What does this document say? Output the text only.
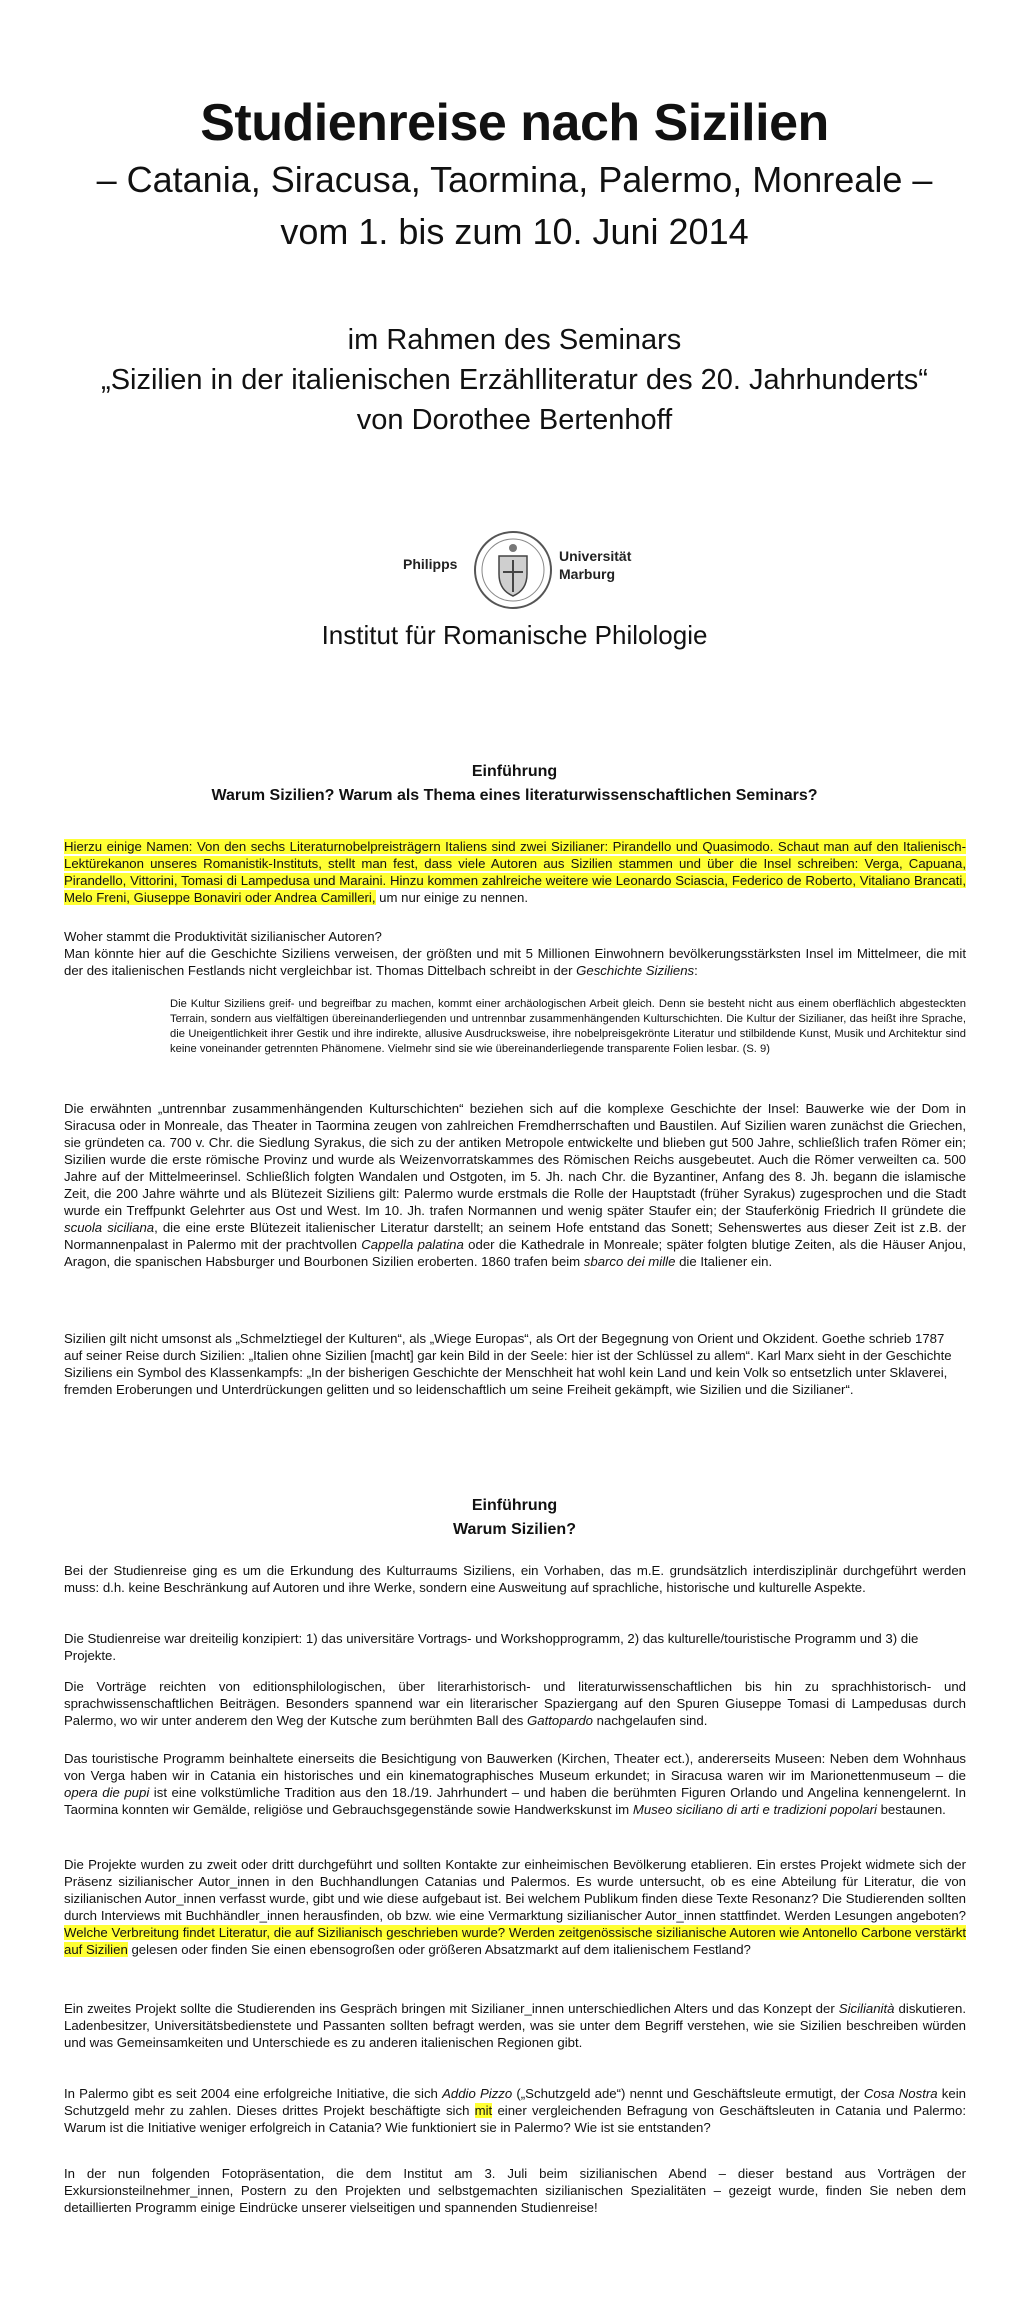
Studienreise nach Sizilien
– Catania, Siracusa, Taormina, Palermo, Monreale –
vom 1. bis zum 10. Juni 2014
im Rahmen des Seminars
„Sizilien in der italienischen Erzählliteratur des 20. Jahrhunderts“
von Dorothee Bertenhoff
Philipps	Universität
Marburg
Institut für Romanische Philologie
Einführung
Warum Sizilien? Warum als Thema eines literaturwissenschaftlichen Seminars?

Hierzu einige Namen: Von den sechs Literaturnobelpreisträgern Italiens sind zwei Sizilianer: Pirandello und Quasimodo. Schaut man auf den Italienisch-Lektürekanon unseres Romanistik-Instituts, stellt man fest, dass viele Autoren aus Sizilien stammen und über die Insel schreiben: Verga, Capuana, Pirandello, Vittorini, Tomasi di Lampedusa und Maraini. Hinzu kommen zahlreiche weitere wie Leonardo Sciascia, Federico de Roberto, Vitaliano Brancati, Melo Freni, Giuseppe Bonaviri oder Andrea Camilleri, um nur einige zu nennen.

Woher stammt die Produktivität sizilianischer Autoren?

Man könnte hier auf die Geschichte Siziliens verweisen, der größten und mit 5 Millionen Einwohnern bevölkerungsstärksten Insel im Mittelmeer, die mit der des italienischen Festlands nicht vergleichbar ist. Thomas Dittelbach schreibt in der Geschichte Siziliens:

Die Kultur Siziliens greif- und begreifbar zu machen, kommt einer archäologischen Arbeit gleich. Denn sie besteht nicht aus einem oberflächlich abgesteckten Terrain, sondern aus vielfältigen übereinanderliegenden und untrennbar zusammenhängenden Kulturschichten. Die Kultur der Sizilianer, das heißt ihre Sprache, die Uneigentlichkeit ihrer Gestik und ihre indirekte, allusive Ausdrucksweise, ihre nobelpreisgekrönte Literatur und stilbildende Kunst, Musik und Architektur sind keine voneinander getrennten Phänomene. Vielmehr sind sie wie übereinanderliegende transparente Folien lesbar. (S. 9)

Die erwähnten „untrennbar zusammenhängenden Kulturschichten“ beziehen sich auf die komplexe Geschichte der Insel: Bauwerke wie der Dom in Siracusa oder in Monreale, das Theater in Taormina zeugen von zahlreichen Fremdherrschaften und Baustilen. Auf Sizilien waren zunächst die Griechen, sie gründeten ca. 700 v. Chr. die Siedlung Syrakus, die sich zu der antiken Metropole entwickelte und blieben gut 500 Jahre, schließlich trafen Römer ein; Sizilien wurde die erste römische Provinz und wurde als Weizenvorratskammes des Römischen Reichs ausgebeutet. Auch die Römer verweilten ca. 500 Jahre auf der Mittelmeerinsel. Schließlich folgten Wandalen und Ostgoten, im 5. Jh. nach Chr. die Byzantiner, Anfang des 8. Jh. begann die islamische Zeit, die 200 Jahre währte und als Blütezeit Siziliens gilt: Palermo wurde erstmals die Rolle der Hauptstadt (früher Syrakus) zugesprochen und die Stadt wurde ein Treffpunkt Gelehrter aus Ost und West. Im 10. Jh. trafen Normannen und wenig später Staufer ein; der Stauferkönig Friedrich II gründete die scuola siciliana, die eine erste Blütezeit italienischer Literatur darstellt; an seinem Hofe entstand das Sonett; Sehenswertes aus dieser Zeit ist z.B. der Normannenpalast in Palermo mit der prachtvollen Cappella palatina oder die Kathedrale in Monreale; später folgten blutige Zeiten, als die Häuser Anjou, Aragon, die spanischen Habsburger und Bourbonen Sizilien eroberten. 1860 trafen beim sbarco dei mille die Italiener ein.

Sizilien gilt nicht umsonst als „Schmelztiegel der Kulturen“, als „Wiege Europas“, als Ort der Begegnung von Orient und Okzident. Goethe schrieb 1787 auf seiner Reise durch Sizilien: „Italien ohne Sizilien [macht] gar kein Bild in der Seele: hier ist der Schlüssel zu allem“. Karl Marx sieht in der Geschichte Siziliens ein Symbol des Klassenkampfs: „In der bisherigen Geschichte der Menschheit hat wohl kein Land und kein Volk so entsetzlich unter Sklaverei, fremden Eroberungen und Unterdrückungen gelitten und so leidenschaftlich um seine Freiheit gekämpft, wie Sizilien und die Sizilianer“.

Einführung
Warum Sizilien?

Bei der Studienreise ging es um die Erkundung des Kulturraums Siziliens, ein Vorhaben, das m.E. grundsätzlich interdisziplinär durchgeführt werden muss: d.h. keine Beschränkung auf Autoren und ihre Werke, sondern eine Ausweitung auf sprachliche, historische und kulturelle Aspekte.

Die Studienreise war dreiteilig konzipiert: 1) das universitäre Vortrags- und Workshopprogramm, 2) das kulturelle/touristische Programm und 3) die Projekte.

Die Vorträge reichten von editionsphilologischen, über literarhistorisch- und literaturwissenschaftlichen bis hin zu sprachhistorisch- und sprachwissenschaftlichen Beiträgen. Besonders spannend war ein literarischer Spaziergang auf den Spuren Giuseppe Tomasi di Lampedusas durch Palermo, wo wir unter anderem den Weg der Kutsche zum berühmten Ball des Gattopardo nachgelaufen sind.

Das touristische Programm beinhaltete einerseits die Besichtigung von Bauwerken (Kirchen, Theater ect.), andererseits Museen: Neben dem Wohnhaus von Verga haben wir in Catania ein historisches und ein kinematographisches Museum erkundet; in Siracusa waren wir im Marionettenmuseum – die opera die pupi ist eine volkstümliche Tradition aus den 18./19. Jahrhundert – und haben die berühmten Figuren Orlando und Angelina kennengelernt. In Taormina konnten wir Gemälde, religiöse und Gebrauchsgegenstände sowie Handwerkskunst im Museo siciliano di arti e tradizioni popolari bestaunen.

Die Projekte wurden zu zweit oder dritt durchgeführt und sollten Kontakte zur einheimischen Bevölkerung etablieren. Ein erstes Projekt widmete sich der Präsenz sizilianischer Autor_innen in den Buchhandlungen Catanias und Palermos. Es wurde untersucht, ob es eine Abteilung für Literatur, die von sizilianischen Autor_innen verfasst wurde, gibt und wie diese aufgebaut ist. Bei welchem Publikum finden diese Texte Resonanz? Die Studierenden sollten durch Interviews mit Buchhändler_innen herausfinden, ob bzw. wie eine Vermarktung sizilianischer Autor_innen stattfindet. Werden Lesungen angeboten? Welche Verbreitung findet Literatur, die auf Sizilianisch geschrieben wurde? Werden zeitgenössische sizilianische Autoren wie Antonello Carbone verstärkt auf Sizilien gelesen oder finden Sie einen ebensogroßen oder größeren Absatzmarkt auf dem italienischem Festland?

Ein zweites Projekt sollte die Studierenden ins Gespräch bringen mit Sizilianer_innen unterschiedlichen Alters und das Konzept der Sicilianità diskutieren. Ladenbesitzer, Universitätsbedienstete und Passanten sollten befragt werden, was sie unter dem Begriff verstehen, wie sie Sizilien beschreiben würden und was Gemeinsamkeiten und Unterschiede es zu anderen italienischen Regionen gibt.

In Palermo gibt es seit 2004 eine erfolgreiche Initiative, die sich Addio Pizzo („Schutzgeld ade“) nennt und Geschäftsleute ermutigt, der Cosa Nostra kein Schutzgeld mehr zu zahlen. Dieses drittes Projekt beschäftigte sich mit einer vergleichenden Befragung von Geschäftsleuten in Catania und Palermo: Warum ist die Initiative weniger erfolgreich in Catania? Wie funktioniert sie in Palermo? Wie ist sie entstanden?

In der nun folgenden Fotopräsentation, die dem Institut am 3. Juli beim sizilianischen Abend – dieser bestand aus Vorträgen der Exkursionsteilnehmer_innen, Postern zu den Projekten und selbstgemachten sizilianischen Spezialitäten – gezeigt wurde, finden Sie neben dem detaillierten Programm einige Eindrücke unserer vielseitigen und spannenden Studienreise!
